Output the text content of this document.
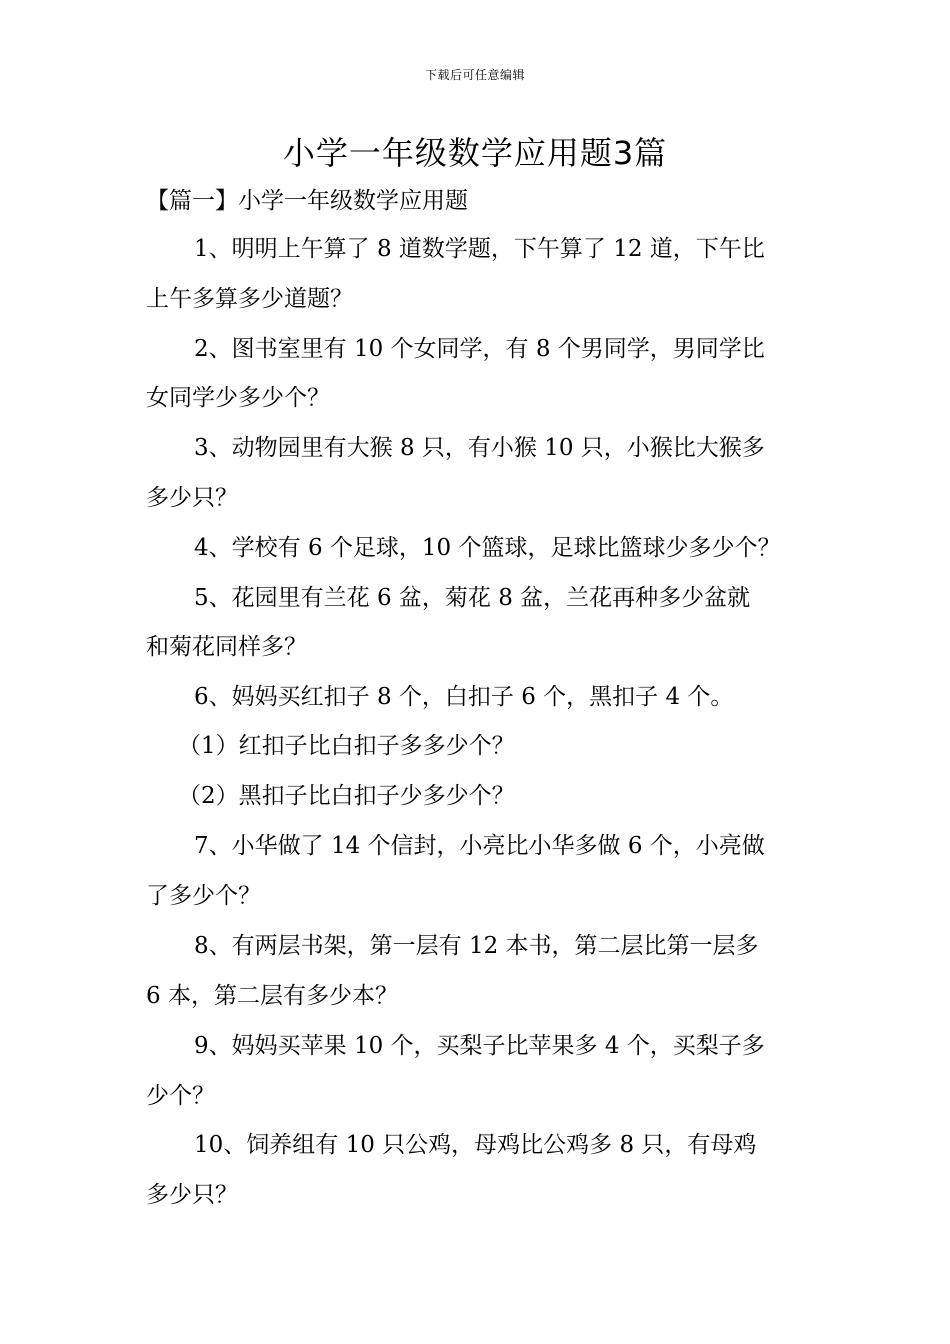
下载后可任意编辑
小学一年级数学应用题3篇
【篇一】小学一年级数学应用题
1、明明上午算了 8 道数学题，下午算了 12 道，下午比
上午多算多少道题？
2、图书室里有 10 个女同学，有 8 个男同学，男同学比
女同学少多少个？
3、动物园里有大猴 8 只，有小猴 10 只，小猴比大猴多
多少只？
4、学校有 6 个足球，10 个篮球，足球比篮球少多少个？
5、花园里有兰花 6 盆，菊花 8 盆，兰花再种多少盆就
和菊花同样多？
6、妈妈买红扣子 8 个，白扣子 6 个，黑扣子 4 个。
（1）红扣子比白扣子多多少个？
（2）黑扣子比白扣子少多少个？
7、小华做了 14 个信封，小亮比小华多做 6 个，小亮做
了多少个？
8、有两层书架，第一层有 12 本书，第二层比第一层多
6 本，第二层有多少本？
9、妈妈买苹果 10 个，买梨子比苹果多 4 个，买梨子多
少个？
10、饲养组有 10 只公鸡，母鸡比公鸡多 8 只，有母鸡
多少只？
